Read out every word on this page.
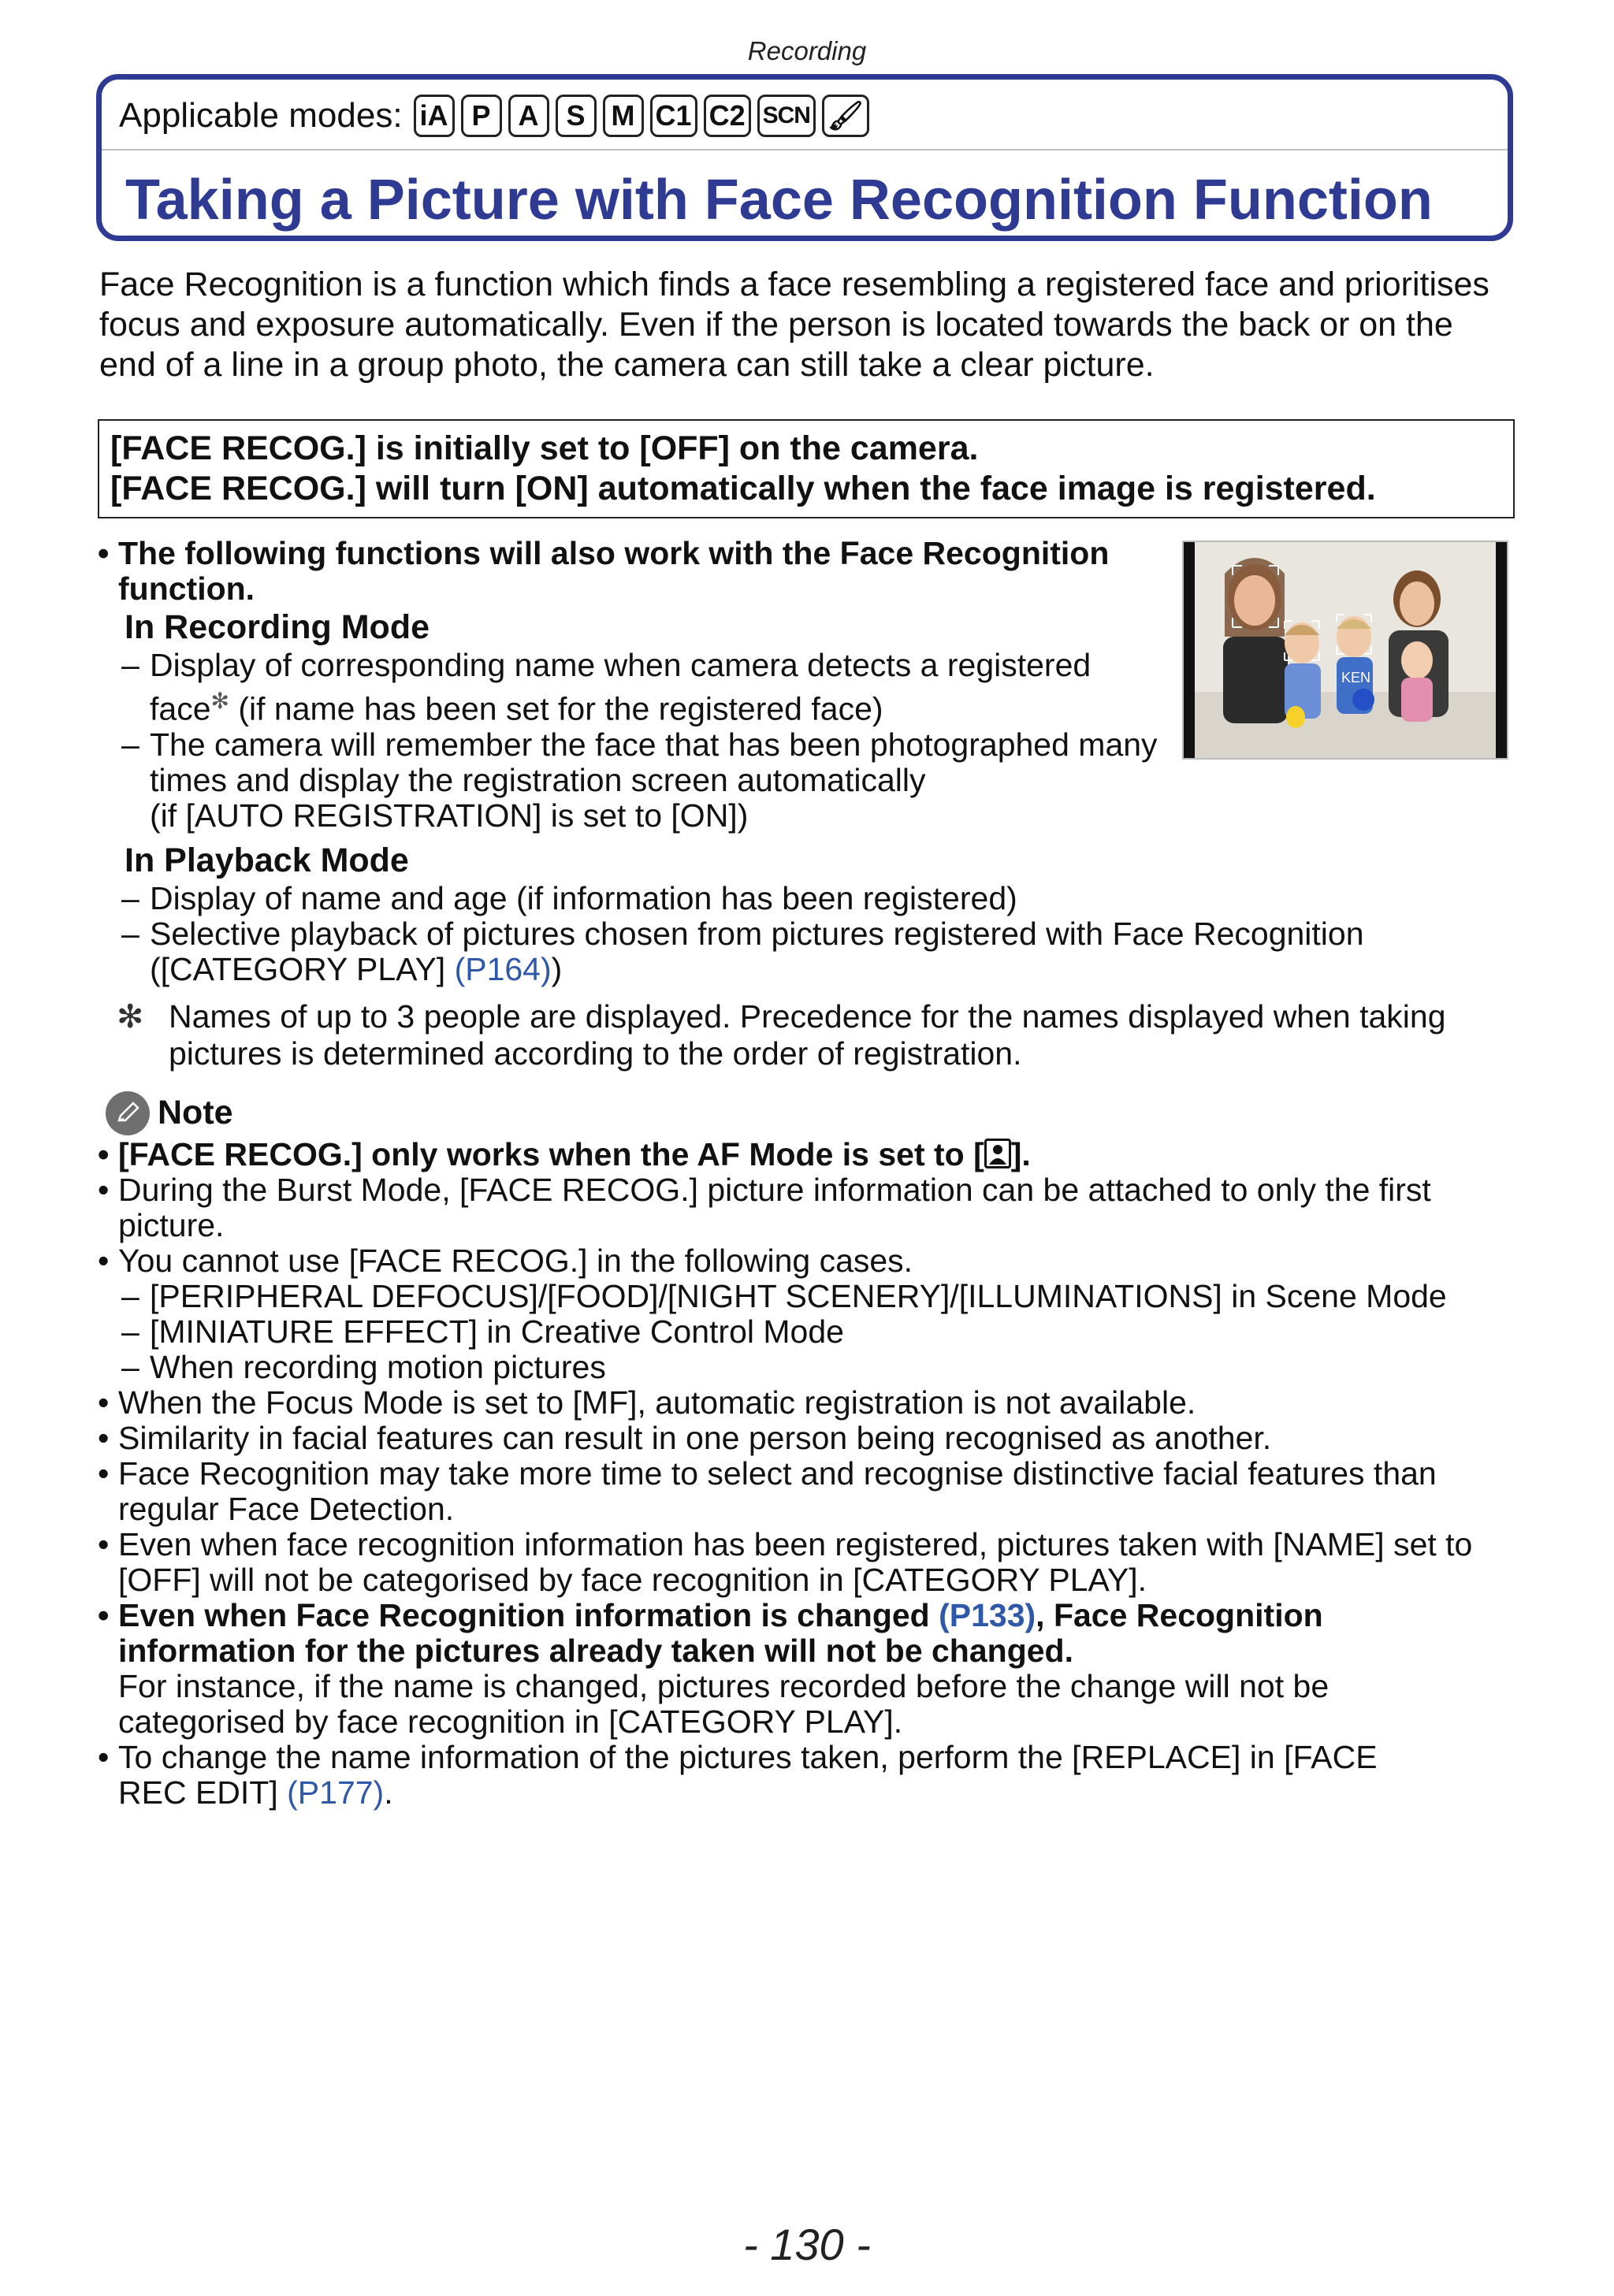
Recording
Applicable modes: iA P A S M C1 C2 SCN 🖌
Taking a Picture with Face Recognition Function

Face Recognition is a function which finds a face resembling a registered face and prioritises focus and exposure automatically. Even if the person is located towards the back or on the end of a line in a group photo, the camera can still take a clear picture.

[FACE RECOG.] is initially set to [OFF] on the camera.
[FACE RECOG.] will turn [ON] automatically when the face image is registered.
KEN
• The following functions will also work with the Face Recognition function.
In Recording Mode
– Display of corresponding name when camera detects a registered
face✻ (if name has been set for the registered face)
– The camera will remember the face that has been photographed many times and display the registration screen automatically
(if [AUTO REGISTRATION] is set to [ON])
In Playback Mode
– Display of name and age (if information has been registered)
– Selective playback of pictures chosen from pictures registered with Face Recognition
([CATEGORY PLAY] (P164))
✻ Names of up to 3 people are displayed. Precedence for the names displayed when taking pictures is determined according to the order of registration.
Note
• [FACE RECOG.] only works when the AF Mode is set to [ ].
• During the Burst Mode, [FACE RECOG.] picture information can be attached to only the first picture.
• You cannot use [FACE RECOG.] in the following cases.
– [PERIPHERAL DEFOCUS]/[FOOD]/[NIGHT SCENERY]/[ILLUMINATIONS] in Scene Mode
– [MINIATURE EFFECT] in Creative Control Mode
– When recording motion pictures
• When the Focus Mode is set to [MF], automatic registration is not available.
• Similarity in facial features can result in one person being recognised as another.
• Face Recognition may take more time to select and recognise distinctive facial features than regular Face Detection.
• Even when face recognition information has been registered, pictures taken with [NAME] set to [OFF] will not be categorised by face recognition in [CATEGORY PLAY].
• Even when Face Recognition information is changed (P133), Face Recognition information for the pictures already taken will not be changed.
For instance, if the name is changed, pictures recorded before the change will not be categorised by face recognition in [CATEGORY PLAY].
• To change the name information of the pictures taken, perform the [REPLACE] in [FACE REC EDIT] (P177).
- 130 -
